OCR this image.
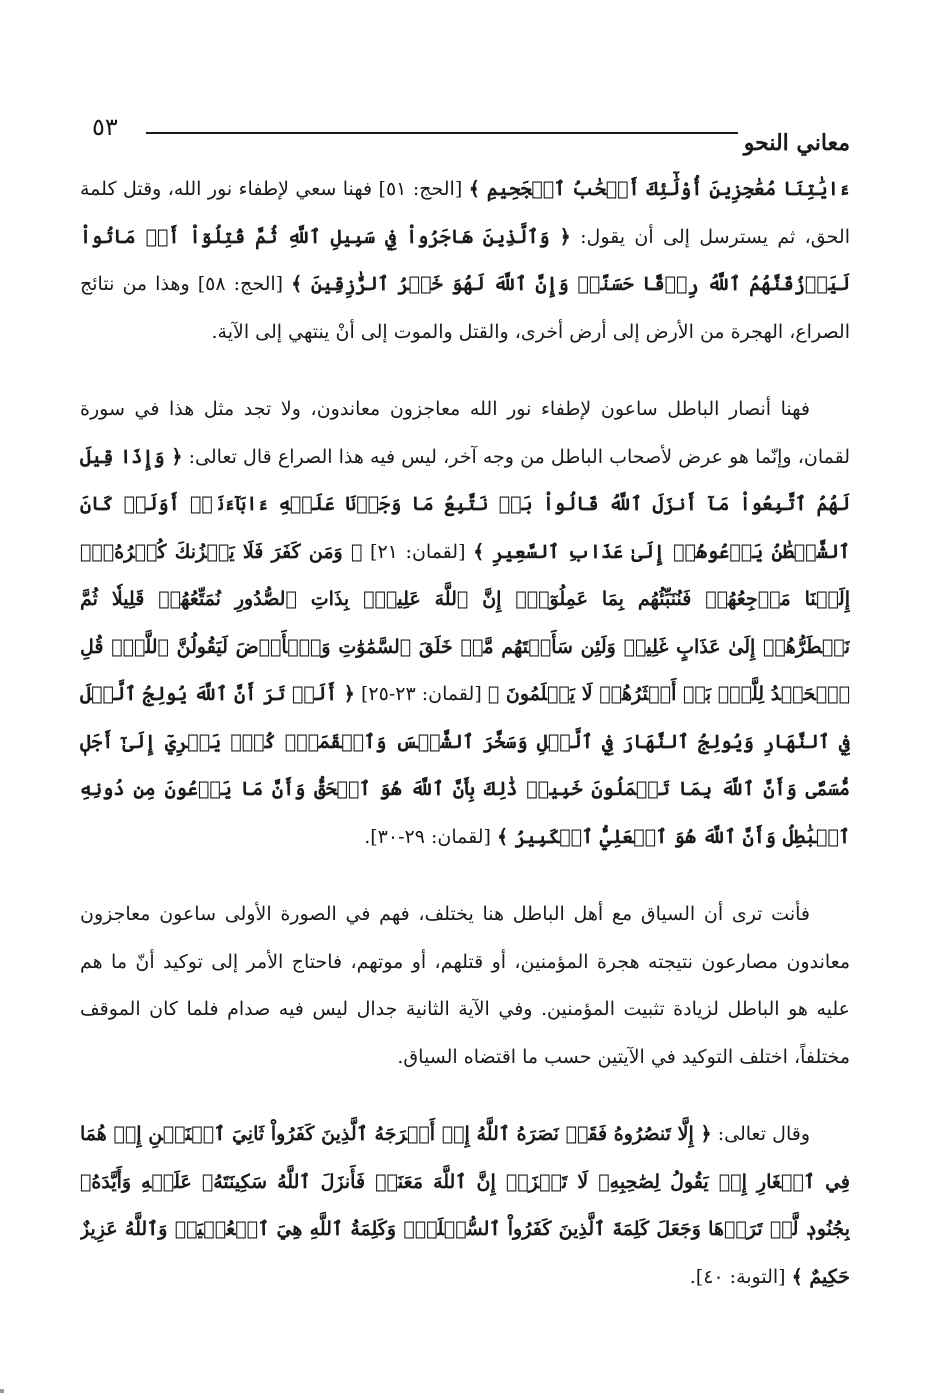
٥٣
معاني النحو

ءَايَٰتِنَا مُعَٰجِزِينَ أُوْلَٰٓئِكَ أَصۡحَٰبُ ٱلۡجَحِيمِ ﴾ [الحج: ٥١] فهنا سعي لإطفاء نور الله، وقتل كلمة الحق، ثم يسترسل إلى أن يقول: ﴿ وَٱلَّذِينَ هَاجَرُواْ فِي سَبِيلِ ٱللَّهِ ثُمَّ قُتِلُوٓاْ أَوۡ مَاتُواْ لَيَرۡزُقَنَّهُمُ ٱللَّهُ رِزۡقًا حَسَنًاۚ وَإِنَّ ٱللَّهَ لَهُوَ خَيۡرُ ٱلرَّٰزِقِينَ ﴾ [الحج: ٥٨] وهذا من نتائج الصراع، الهجرة من الأرض إلى أرض أخرى، والقتل والموت إلى أنْ ينتهي إلى الآية.

فهنا أنصار الباطل ساعون لإطفاء نور الله معاجزون معاندون، ولا تجد مثل هذا في سورة لقمان، وإنّما هو عرض لأصحاب الباطل من وجه آخر، ليس فيه هذا الصراع قال تعالى: ﴿ وَإِذَا قِيلَ لَهُمُ ٱتَّبِعُواْ مَآ أَنزَلَ ٱللَّهُ قَالُواْ بَلۡ نَتَّبِعُ مَا وَجَدۡنَا عَلَيۡهِ ءَابَآءَنَآۚ أَوَلَوۡ كَانَ ٱلشَّيۡطَٰنُ يَدۡعُوهُمۡ إِلَىٰ عَذَابِ ٱلسَّعِيرِ ﴾ [لقمان: ٢١] ﴿ وَمَن كَفَرَ فَلَا يَحۡزُنكَ كُفۡرُهُۥٓۚ إِلَيۡنَا مَرۡجِعُهُمۡ فَنُنَبِّئُهُم بِمَا عَمِلُوٓاْۚ إِنَّ ٱللَّهَ عَلِيمُۢ بِذَاتِ ٱلصُّدُورِ نُمَتِّعُهُمۡ قَلِيلٗا ثُمَّ نَضۡطَرُّهُمۡ إِلَىٰ عَذَابٍ غَلِيظٖ وَلَئِن سَأَلۡتَهُم مَّنۡ خَلَقَ ٱلسَّمَٰوَٰتِ وَٱلۡأَرۡضَ لَيَقُولُنَّ ٱللَّهُۚ قُلِ ٱلۡحَمۡدُ لِلَّهِۚ بَلۡ أَكۡثَرُهُمۡ لَا يَعۡلَمُونَ ﴾ [لقمان: ٢٣-٢٥] ﴿ أَلَمۡ تَرَ أَنَّ ٱللَّهَ يُولِجُ ٱلَّيۡلَ فِي ٱلنَّهَارِ وَيُولِجُ ٱلنَّهَارَ فِي ٱلَّيۡلِ وَسَخَّرَ ٱلشَّمۡسَ وَٱلۡقَمَرَۖ كُلّٞ يَجۡرِيٓ إِلَىٰٓ أَجَلٖ مُّسَمّٗى وَأَنَّ ٱللَّهَ بِمَا تَعۡمَلُونَ خَبِيرٞ ذَٰلِكَ بِأَنَّ ٱللَّهَ هُوَ ٱلۡحَقُّ وَأَنَّ مَا يَدۡعُونَ مِن دُونِهِ ٱلۡبَٰطِلُ وَأَنَّ ٱللَّهَ هُوَ ٱلۡعَلِيُّ ٱلۡكَبِيرُ ﴾ [لقمان: ٢٩-٣٠].

فأنت ترى أن السياق مع أهل الباطل هنا يختلف، فهم في الصورة الأولى ساعون معاجزون معاندون مصارعون نتيجته هجرة المؤمنين، أو قتلهم، أو موتهم، فاحتاج الأمر إلى توكيد أنّ ما هم عليه هو الباطل لزيادة تثبيت المؤمنين. وفي الآية الثانية جدال ليس فيه صدام فلما كان الموقف مختلفاً، اختلف التوكيد في الآيتين حسب ما اقتضاه السياق.

وقال تعالى: ﴿ إِلَّا تَنصُرُوهُ فَقَدۡ نَصَرَهُ ٱللَّهُ إِذۡ أَخۡرَجَهُ ٱلَّذِينَ كَفَرُواْ ثَانِيَ ٱثۡنَيۡنِ إِذۡ هُمَا فِي ٱلۡغَارِ إِذۡ يَقُولُ لِصَٰحِبِهِۦ لَا تَحۡزَنۡ إِنَّ ٱللَّهَ مَعَنَاۖ فَأَنزَلَ ٱللَّهُ سَكِينَتَهُۥ عَلَيۡهِ وَأَيَّدَهُۥ بِجُنُودٖ لَّمۡ تَرَوۡهَا وَجَعَلَ كَلِمَةَ ٱلَّذِينَ كَفَرُواْ ٱلسُّفۡلَىٰۗ وَكَلِمَةُ ٱللَّهِ هِيَ ٱلۡعُلۡيَاۗ وَٱللَّهُ عَزِيزٌ حَكِيمٌ ﴾ [التوبة: ٤٠].
